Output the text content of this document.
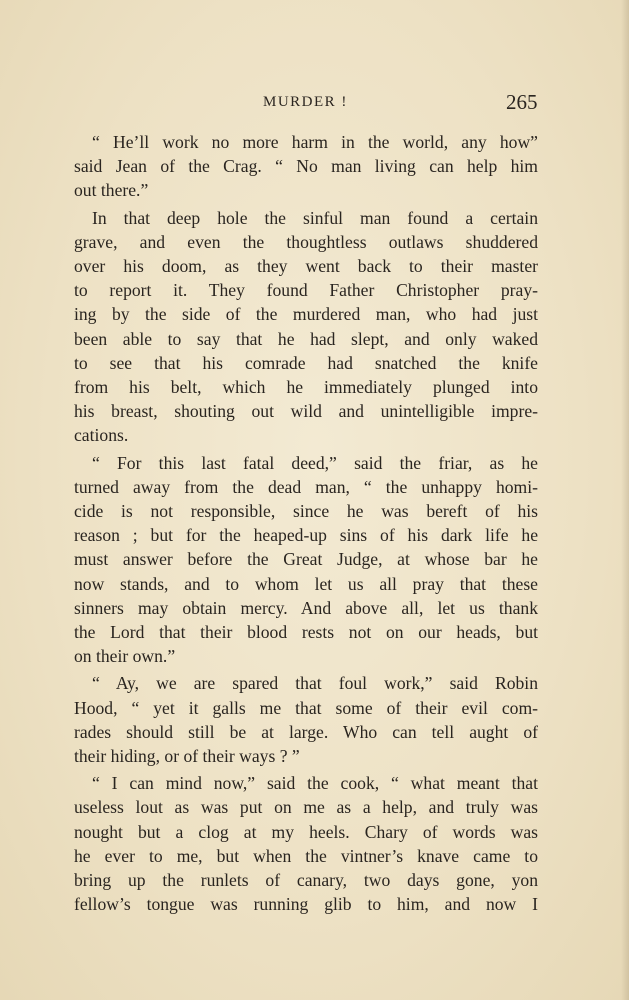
MURDER !	265

“ He’ll work no more harm in the world, any how”

said Jean of the Crag. “ No man living can help him

out there.”

In that deep hole the sinful man found a certain

grave, and even the thoughtless outlaws shuddered

over his doom, as they went back to their master

to report it. They found Father Christopher pray-

ing by the side of the murdered man, who had just

been able to say that he had slept, and only waked

to see that his comrade had snatched the knife

from his belt, which he immediately plunged into

his breast, shouting out wild and unintelligible impre-

cations.

“ For this last fatal deed,” said the friar, as he

turned away from the dead man, “ the unhappy homi-

cide is not responsible, since he was bereft of his

reason ; but for the heaped-up sins of his dark life he

must answer before the Great Judge, at whose bar he

now stands, and to whom let us all pray that these

sinners may obtain mercy. And above all, let us thank

the Lord that their blood rests not on our heads, but

on their own.”

“ Ay, we are spared that foul work,” said Robin

Hood, “ yet it galls me that some of their evil com-

rades should still be at large. Who can tell aught of

their hiding, or of their ways ? ”

“ I can mind now,” said the cook, “ what meant that

useless lout as was put on me as a help, and truly was

nought but a clog at my heels. Chary of words was

he ever to me, but when the vintner’s knave came to

bring up the runlets of canary, two days gone, yon

fellow’s tongue was running glib to him, and now I
